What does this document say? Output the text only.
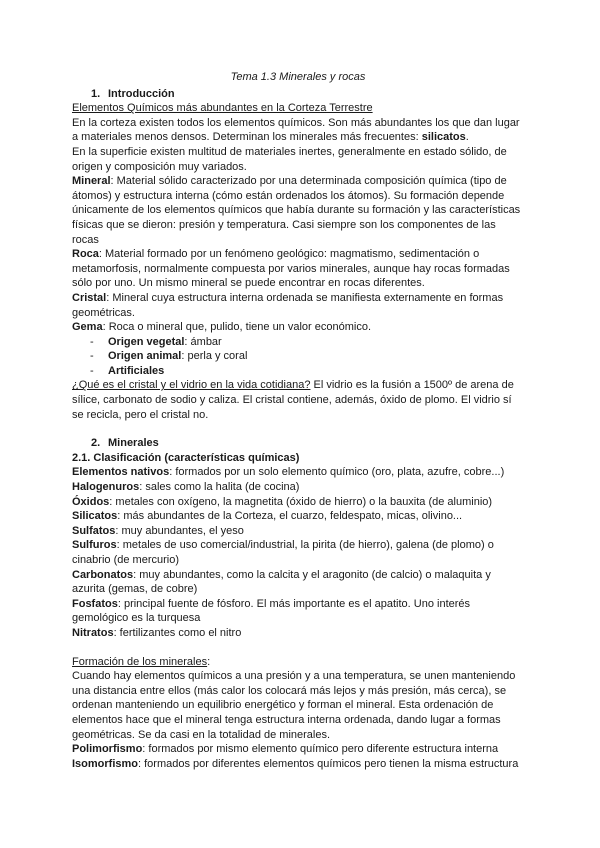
Tema 1.3 Minerales y rocas

1. Introducción

Elementos Químicos más abundantes en la Corteza Terrestre

En la corteza existen todos los elementos químicos. Son más abundantes los que dan lugar a materiales menos densos. Determinan los minerales más frecuentes: silicatos.

En la superficie existen multitud de materiales inertes, generalmente en estado sólido, de origen y composición muy variados.

Mineral: Material sólido caracterizado por una determinada composición química (tipo de átomos) y estructura interna (cómo están ordenados los átomos). Su formación depende únicamente de los elementos químicos que había durante su formación y las características físicas que se dieron: presión y temperatura. Casi siempre son los componentes de las rocas

Roca: Material formado por un fenómeno geológico: magmatismo, sedimentación o metamorfosis, normalmente compuesta por varios minerales, aunque hay rocas formadas sólo por uno. Un mismo mineral se puede encontrar en rocas diferentes.

Cristal: Mineral cuya estructura interna ordenada se manifiesta externamente en formas geométricas.

Gema: Roca o mineral que, pulido, tiene un valor económico.

- Origen vegetal: ámbar
- Origen animal: perla y coral
- Artificiales

¿Qué es el cristal y el vidrio en la vida cotidiana? El vidrio es la fusión a 1500º de arena de sílice, carbonato de sodio y caliza. El cristal contiene, además, óxido de plomo. El vidrio sí se recicla, pero el cristal no.

2. Minerales

2.1. Clasificación (características químicas)

Elementos nativos: formados por un solo elemento químico (oro, plata, azufre, cobre...)

Halogenuros: sales como la halita (de cocina)

Óxidos: metales con oxígeno, la magnetita (óxido de hierro) o la bauxita (de aluminio)

Silicatos: más abundantes de la Corteza, el cuarzo, feldespato, micas, olivino...

Sulfatos: muy abundantes, el yeso

Sulfuros: metales de uso comercial/industrial, la pirita (de hierro), galena (de plomo) o cinabrio (de mercurio)

Carbonatos: muy abundantes, como la calcita y el aragonito (de calcio) o malaquita y azurita (gemas, de cobre)

Fosfatos: principal fuente de fósforo. El más importante es el apatito. Uno interés gemológico es la turquesa

Nitratos: fertilizantes como el nitro

Formación de los minerales:

Cuando hay elementos químicos a una presión y a una temperatura, se unen manteniendo una distancia entre ellos (más calor los colocará más lejos y más presión, más cerca), se ordenan manteniendo un equilibrio energético y forman el mineral. Esta ordenación de elementos hace que el mineral tenga estructura interna ordenada, dando lugar a formas geométricas. Se da casi en la totalidad de minerales.

Polimorfismo: formados por mismo elemento químico pero diferente estructura interna

Isomorfismo: formados por diferentes elementos químicos pero tienen la misma estructura
